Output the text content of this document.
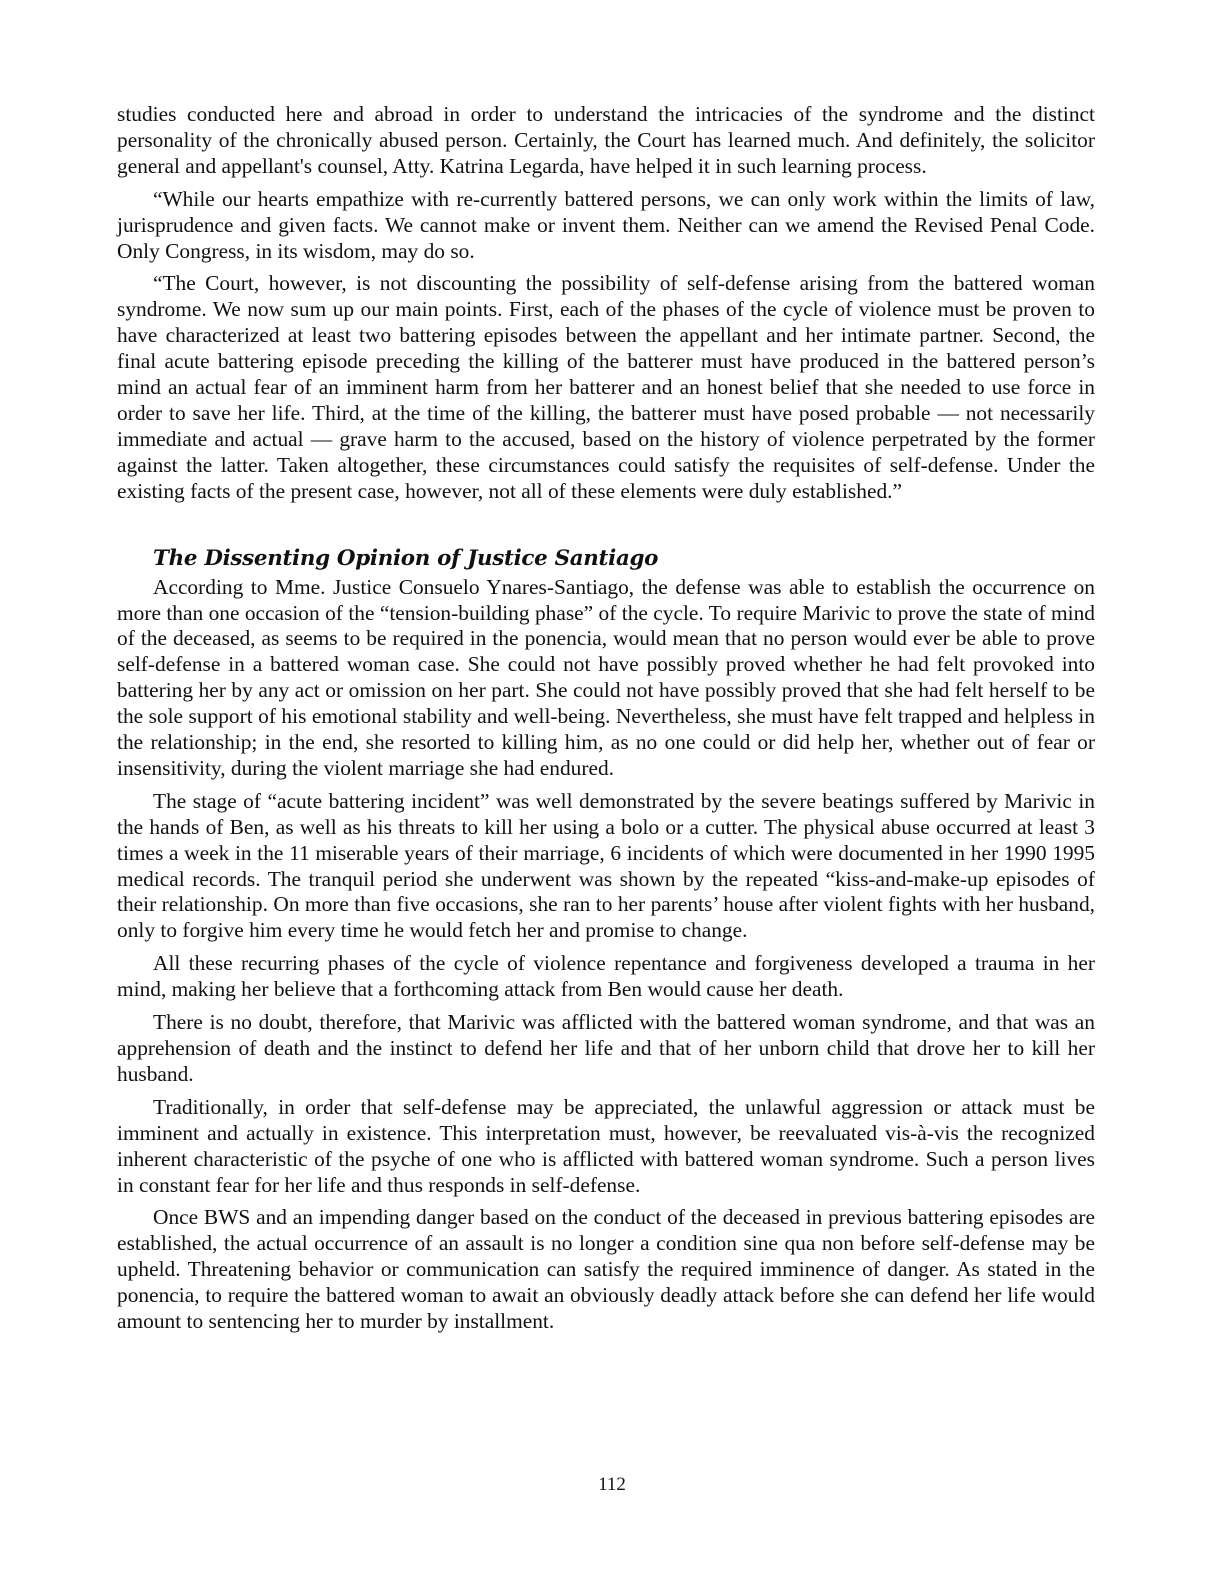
studies conducted here and abroad in order to understand the intricacies of the syndrome and the distinct personality of the chronically abused person. Certainly, the Court has learned much. And definitely, the solicitor general and appellant's counsel, Atty. Katrina Legarda, have helped it in such learning process.

“While our hearts empathize with re-currently battered persons, we can only work within the limits of law, jurisprudence and given facts. We cannot make or invent them. Neither can we amend the Revised Penal Code. Only Congress, in its wisdom, may do so.

“The Court, however, is not discounting the possibility of self-defense arising from the battered woman syndrome. We now sum up our main points. First, each of the phases of the cycle of violence must be proven to have characterized at least two battering episodes between the appellant and her intimate partner. Second, the final acute battering episode preceding the killing of the batterer must have produced in the battered person’s mind an actual fear of an imminent harm from her batterer and an honest belief that she needed to use force in order to save her life. Third, at the time of the killing, the batterer must have posed probable — not necessarily immediate and actual — grave harm to the accused, based on the history of violence perpetrated by the former against the latter. Taken altogether, these circumstances could satisfy the requisites of self-defense. Under the existing facts of the present case, however, not all of these elements were duly established.”

The Dissenting Opinion of Justice Santiago

According to Mme. Justice Consuelo Ynares-Santiago, the defense was able to establish the occurrence on more than one occasion of the “tension-building phase” of the cycle. To require Marivic to prove the state of mind of the deceased, as seems to be required in the ponencia, would mean that no person would ever be able to prove self-defense in a battered woman case. She could not have possibly proved whether he had felt provoked into battering her by any act or omission on her part. She could not have possibly proved that she had felt herself to be the sole support of his emotional stability and well-being. Nevertheless, she must have felt trapped and helpless in the relationship; in the end, she resorted to killing him, as no one could or did help her, whether out of fear or insensitivity, during the violent marriage she had endured.

The stage of “acute battering incident” was well demonstrated by the severe beatings suffered by Marivic in the hands of Ben, as well as his threats to kill her using a bolo or a cutter. The physical abuse occurred at least 3 times a week in the 11 miserable years of their marriage, 6 incidents of which were documented in her 1990 1995 medical records. The tranquil period she underwent was shown by the repeated “kiss-and-make-up episodes of their relationship. On more than five occasions, she ran to her parents’ house after violent fights with her husband, only to forgive him every time he would fetch her and promise to change.

All these recurring phases of the cycle of violence repentance and forgiveness developed a trauma in her mind, making her believe that a forthcoming attack from Ben would cause her death.

There is no doubt, therefore, that Marivic was afflicted with the battered woman syndrome, and that was an apprehension of death and the instinct to defend her life and that of her unborn child that drove her to kill her husband.

Traditionally, in order that self-defense may be appreciated, the unlawful aggression or attack must be imminent and actually in existence. This interpretation must, however, be reevaluated vis-à-vis the recognized inherent characteristic of the psyche of one who is afflicted with battered woman syndrome. Such a person lives in constant fear for her life and thus responds in self-defense.

Once BWS and an impending danger based on the conduct of the deceased in previous battering episodes are established, the actual occurrence of an assault is no longer a condition sine qua non before self-defense may be upheld. Threatening behavior or communication can satisfy the required imminence of danger. As stated in the ponencia, to require the battered woman to await an obviously deadly attack before she can defend her life would amount to sentencing her to murder by installment.

112
